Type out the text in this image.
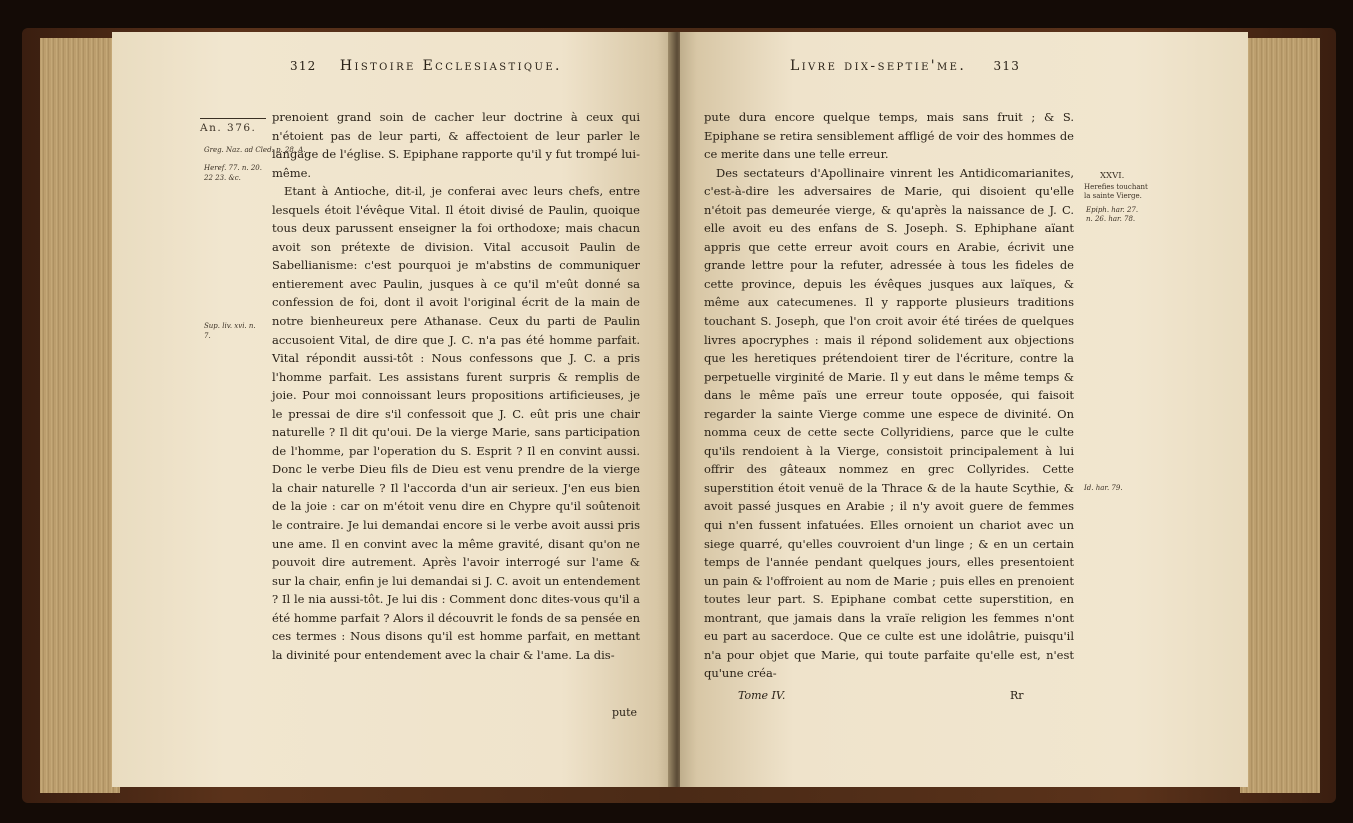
312 Histoire Ecclesiastique.
An. 376.
Greg. Naz. ad Cled. p. 28. A.
Heref. 77. n. 20.
22 23. &c.
Sup. liv. xvi. n.
7.

prenoient grand soin de cacher leur doctrine à ceux qui n'étoient pas de leur parti, & affectoient de leur parler le langage de l'église. S. Epiphane rapporte qu'il y fut trompé lui-même.

Etant à Antioche, dit-il, je conferai avec leurs chefs, entre lesquels étoit l'évêque Vital. Il étoit divisé de Paulin, quoique tous deux parussent enseigner la foi orthodoxe; mais chacun avoit son prétexte de division. Vital accusoit Paulin de Sabellianisme: c'est pourquoi je m'abstins de communiquer entierement avec Paulin, jusques à ce qu'il m'eût donné sa confession de foi, dont il avoit l'original écrit de la main de notre bienheureux pere Athanase. Ceux du parti de Paulin accusoient Vital, de dire que J. C. n'a pas été homme parfait. Vital répondit aussi-tôt : Nous confessons que J. C. a pris l'homme parfait. Les assistans furent surpris & remplis de joie. Pour moi connoissant leurs propositions artificieuses, je le pressai de dire s'il confessoit que J. C. eût pris une chair naturelle ? Il dit qu'oui. De la vierge Marie, sans participation de l'homme, par l'operation du S. Esprit ? Il en convint aussi. Donc le verbe Dieu fils de Dieu est venu prendre de la vierge la chair naturelle ? Il l'accorda d'un air serieux. J'en eus bien de la joie : car on m'étoit venu dire en Chypre qu'il soûtenoit le contraire. Je lui demandai encore si le verbe avoit aussi pris une ame. Il en convint avec la même gravité, disant qu'on ne pouvoit dire autrement. Après l'avoir interrogé sur l'ame & sur la chair, enfin je lui demandai si J. C. avoit un entendement ? Il le nia aussi-tôt. Je lui dis : Comment donc dites-vous qu'il a été homme parfait ? Alors il découvrit le fonds de sa pensée en ces termes : Nous disons qu'il est homme parfait, en mettant la divinité pour entendement avec la chair & l'ame. La dis-

pute
Livre dix-septie'me. 313

pute dura encore quelque temps, mais sans fruit ; & S. Epiphane se retira sensiblement affligé de voir des hommes de ce merite dans une telle erreur.

Des sectateurs d'Apollinaire vinrent les Antidicomarianites, c'est-à-dire les adversaires de Marie, qui disoient qu'elle n'étoit pas demeurée vierge, & qu'après la naissance de J. C. elle avoit eu des enfans de S. Joseph. S. Ephiphane aïant appris que cette erreur avoit cours en Arabie, écrivit une grande lettre pour la refuter, adressée à tous les fideles de cette province, depuis les évêques jusques aux laïques, & même aux catecumenes. Il y rapporte plusieurs traditions touchant S. Joseph, que l'on croit avoir été tirées de quelques livres apocryphes : mais il répond solidement aux objections que les heretiques prétendoient tirer de l'écriture, contre la perpetuelle virginité de Marie. Il y eut dans le même temps & dans le même païs une erreur toute opposée, qui faisoit regarder la sainte Vierge comme une espece de divinité. On nomma ceux de cette secte Collyridiens, parce que le culte qu'ils rendoient à la Vierge, consistoit principalement à lui offrir des gâteaux nommez en grec Collyrides. Cette superstition étoit venuë de la Thrace & de la haute Scythie, & avoit passé jusques en Arabie ; il n'y avoit guere de femmes qui n'en fussent infatuées. Elles ornoient un chariot avec un siege quarré, qu'elles couvroient d'un linge ; & en un certain temps de l'année pendant quelques jours, elles presentoient un pain & l'offroient au nom de Marie ; puis elles en prenoient toutes leur part. S. Epiphane combat cette superstition, en montrant, que jamais dans la vraïe religion les femmes n'ont eu part au sacerdoce. Que ce culte est une idolâtrie, puisqu'il n'a pour objet que Marie, qui toute parfaite qu'elle est, n'est qu'une créa-

XXVI.
Herefies touchant
la sainte Vierge.
Epiph. har. 27.
n. 26. har. 78.
Id. har. 79.
Tome IV.	Rr
